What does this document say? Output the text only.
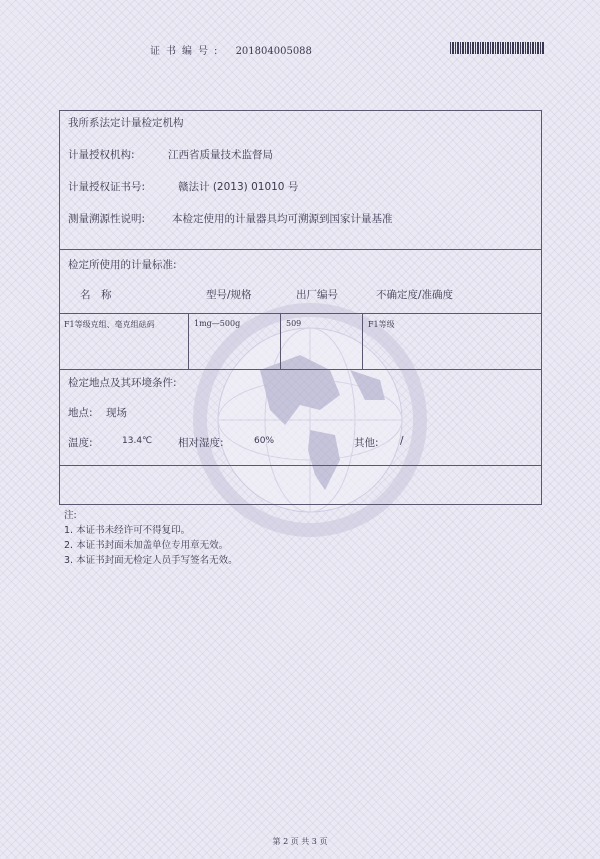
证书编号: 201804005088
我所系法定计量检定机构
计量授权机构:	江西省质量技术监督局
计量授权证书号:	赣法计 (2013) 01010 号
测量溯源性说明:	本检定使用的计量器具均可溯源到国家计量基准
检定所使用的计量标准:
名　称	型号/规格	出厂编号	不确定度/准确度
F1等级克组、毫克组砝码	1mg—500g	509	F1等级
检定地点及其环境条件:
地点: 现场
温度:	13.4℃ 相对湿度:	60%	其他: /
注:
1. 本证书未经许可不得复印。
2. 本证书封面未加盖单位专用章无效。
3. 本证书封面无检定人员手写签名无效。
第 2 页 共 3 页
